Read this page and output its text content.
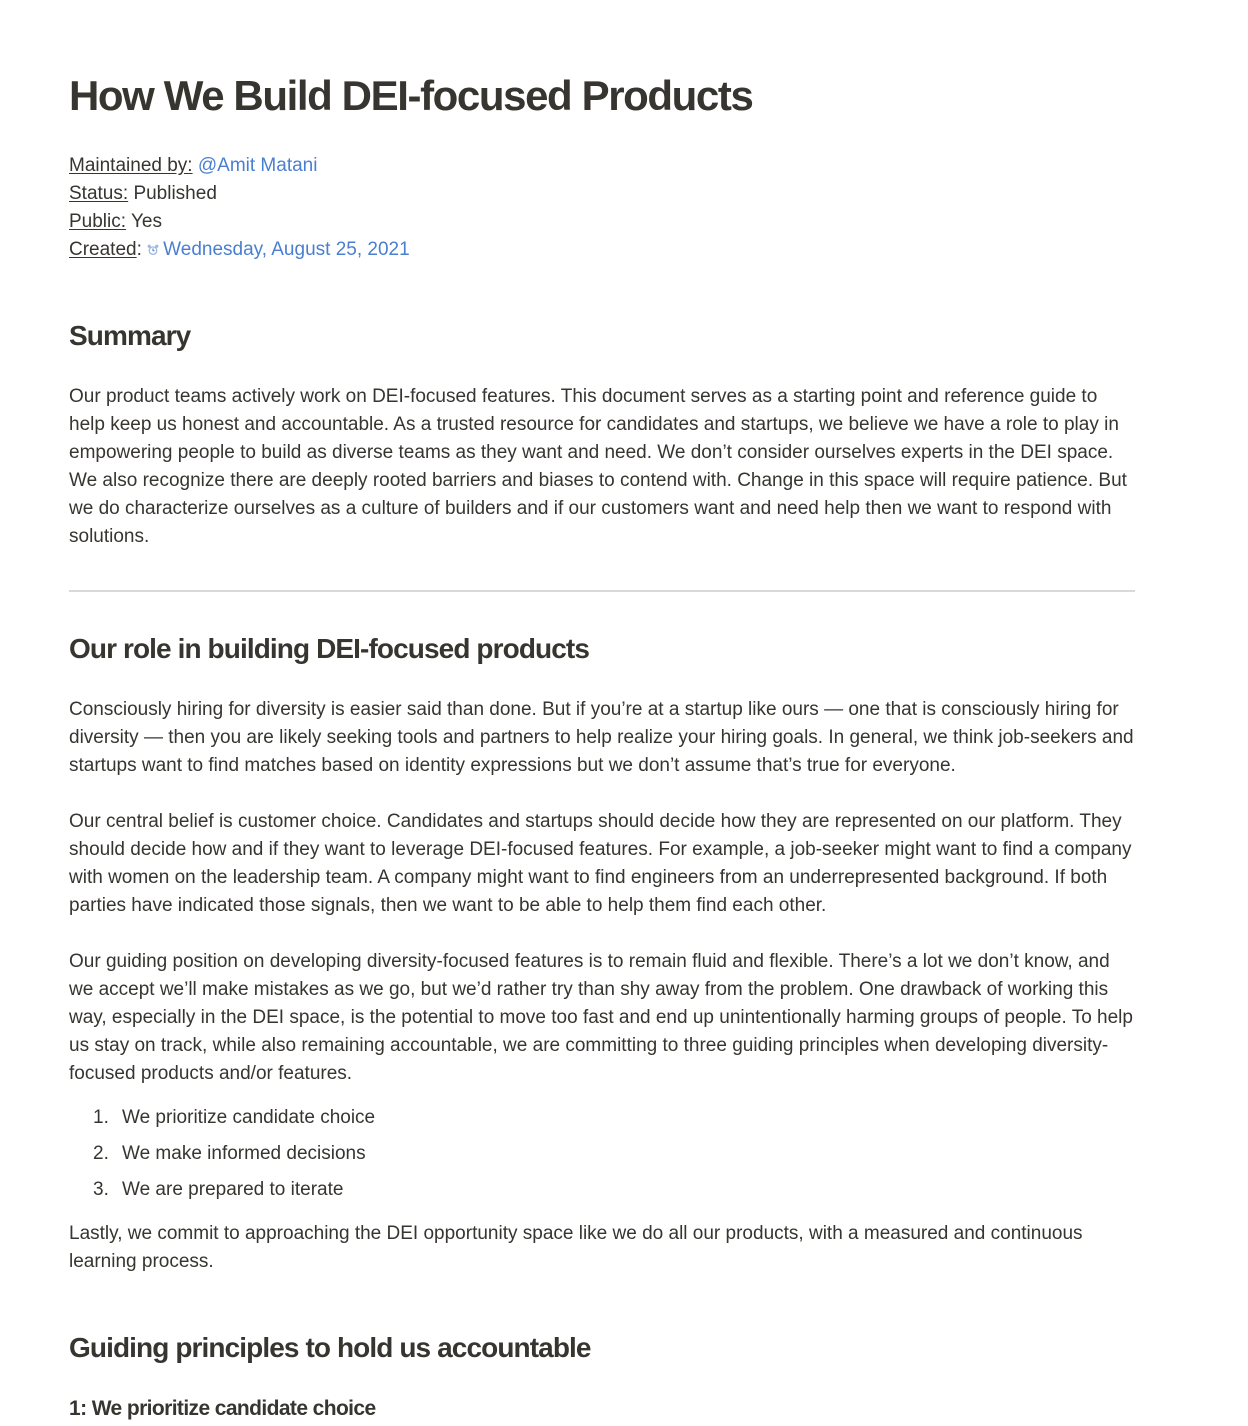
How We Build DEI-focused Products
Maintained by: @Amit Matani
Status: Published
Public: Yes
Created: Wednesday, August 25, 2021
Summary

Our product teams actively work on DEI-focused features. This document serves as a starting point and reference guide to help keep us honest and accountable. As a trusted resource for candidates and startups, we believe we have a role to play in empowering people to build as diverse teams as they want and need. We don’t consider ourselves experts in the DEI space. We also recognize there are deeply rooted barriers and biases to contend with. Change in this space will require patience. But we do characterize ourselves as a culture of builders and if our customers want and need help then we want to respond with solutions.

Our role in building DEI-focused products

Consciously hiring for diversity is easier said than done. But if you’re at a startup like ours — one that is consciously hiring for diversity — then you are likely seeking tools and partners to help realize your hiring goals. In general, we think job-seekers and startups want to find matches based on identity expressions but we don’t assume that’s true for everyone.

Our central belief is customer choice. Candidates and startups should decide how they are represented on our platform. They should decide how and if they want to leverage DEI-focused features. For example, a job-seeker might want to find a company with women on the leadership team. A company might want to find engineers from an underrepresented background. If both parties have indicated those signals, then we want to be able to help them find each other.

Our guiding position on developing diversity-focused features is to remain fluid and flexible. There’s a lot we don’t know, and we accept we’ll make mistakes as we go, but we’d rather try than shy away from the problem. One drawback of working this way, especially in the DEI space, is the potential to move too fast and end up unintentionally harming groups of people. To help us stay on track, while also remaining accountable, we are committing to three guiding principles when developing diversity-focused products and/or features.

1. We prioritize candidate choice
2. We make informed decisions
3. We are prepared to iterate

Lastly, we commit to approaching the DEI opportunity space like we do all our products, with a measured and continuous learning process.

Guiding principles to hold us accountable
1: We prioritize candidate choice
